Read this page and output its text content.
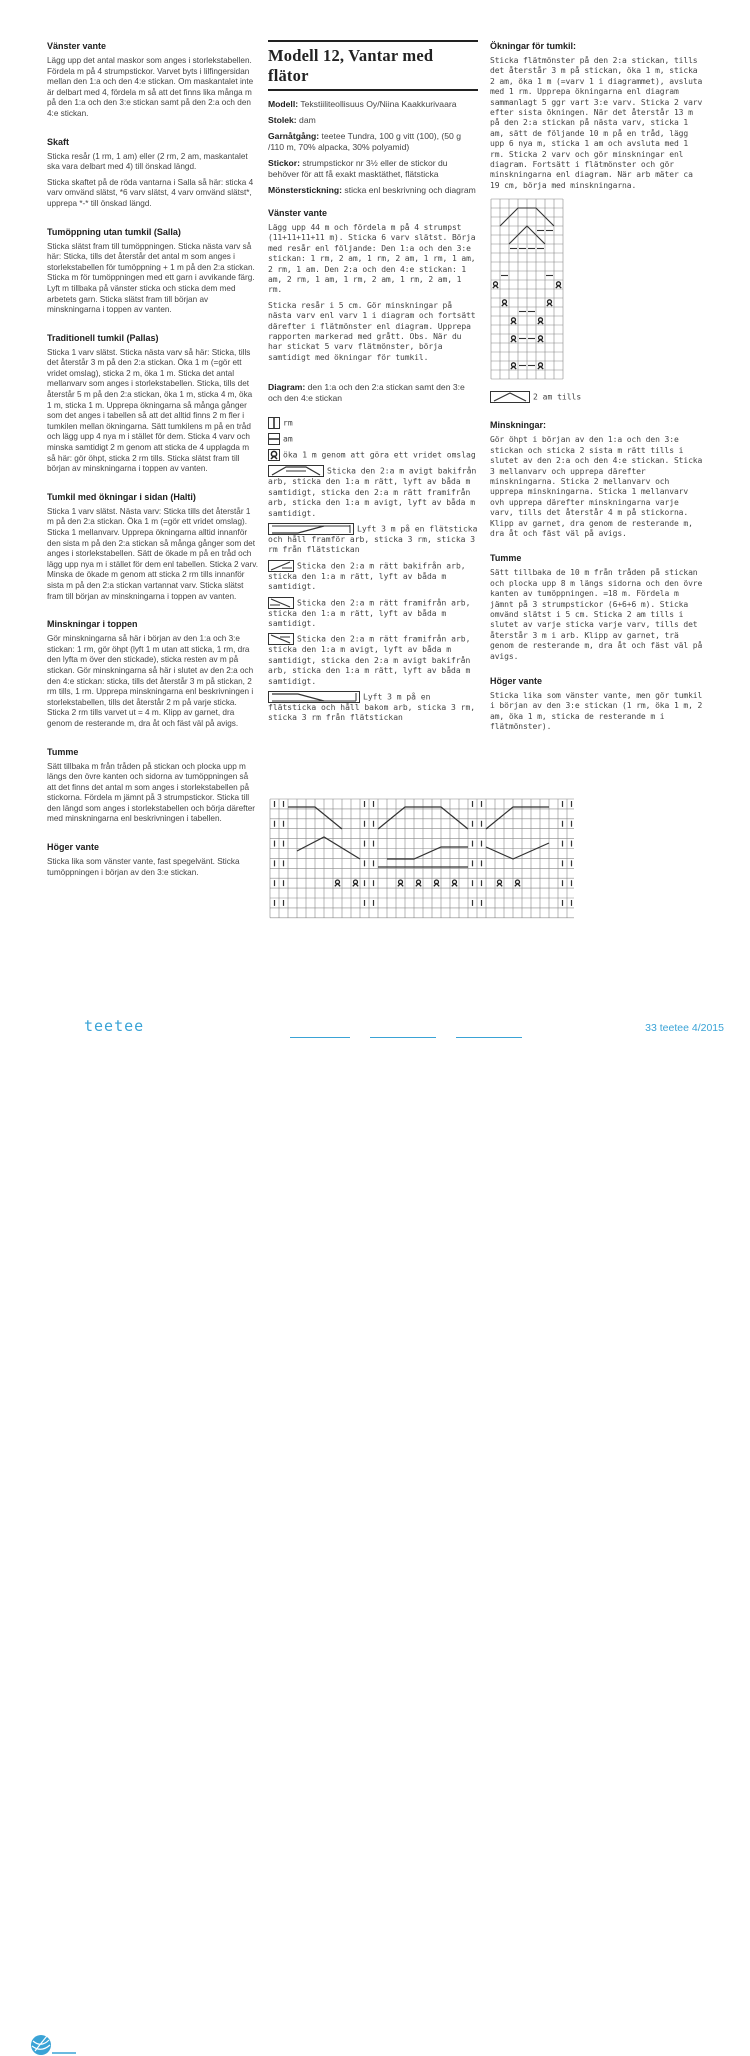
Vänster vante
Lägg upp det antal maskor som anges i storlekstabellen. Fördela m på 4 strumpstickor. Varvet byts i lilfingersidan mellan den 1:a och den 4:e stickan. Om maskantalet inte är delbart med 4, fördela m så att det finns lika många m på den 1:a och den 3:e stickan samt på den 2:a och den 4:e stickan.
Skaft
Sticka resår (1 rm, 1 am) eller (2 rm, 2 am, maskantalet ska vara delbart med 4) till önskad längd.
Sticka skaftet på de röda vantarna i Salla så här: sticka 4 varv omvänd slätst, *6 varv slätst, 4 varv omvänd slätst*, upprepa *-* till önskad längd.
Tumöppning utan tumkil (Salla)
Sticka slätst fram till tumöppningen. Sticka nästa varv så här: Sticka, tills det återstår det antal m som anges i storlekstabellen för tumöppning + 1 m på den 2:a stickan. Sticka m för tumöppningen med ett garn i avvikande färg. Lyft m tillbaka på vänster sticka och sticka dem med arbetets garn. Sticka slätst fram till början av minskningarna i toppen av vanten.
Traditionell tumkil (Pallas)
Sticka 1 varv slätst. Sticka nästa varv så här: Sticka, tills det återstår 3 m på den 2:a stickan. Öka 1 m (=gör ett vridet omslag), sticka 2 m, öka 1 m. Sticka det antal mellanvarv som anges i storlekstabellen. Sticka, tills det återstår 5 m på den 2:a stickan, öka 1 m, sticka 4 m, öka 1 m, sticka 1 m. Upprepa ökningarna så många gånger som det anges i tabellen så att det alltid finns 2 m fler i tumkilen mellan ökningarna. Sätt tumkilens m på en tråd och lägg upp 4 nya m i stället för dem. Sticka 4 varv och minska samtidigt 2 m genom att sticka de 4 upplagda m så här: gör öhpt, sticka 2 rm tills. Sticka slätst fram till början av minskningarna i toppen av vanten.
Tumkil med ökningar i sidan (Halti)
Sticka 1 varv slätst. Nästa varv: Sticka tills det återstår 1 m på den 2:a stickan. Öka 1 m (=gör ett vridet omslag). Sticka 1 mellanvarv. Upprepa ökningarna alltid innanför den sista m på den 2:a stickan så många gånger som det anges i storlekstabellen. Sätt de ökade m på en tråd och lägg upp nya m i stället för dem enl tabellen. Sticka 2 varv. Minska de ökade m genom att sticka 2 rm tills innanför sista m på den 2:a stickan vartannat varv. Sticka slätst fram till början av minskningarna i toppen av vanten.
Minskningar i toppen
Gör minskningarna så här i början av den 1:a och 3:e stickan: 1 rm, gör öhpt (lyft 1 m utan att sticka, 1 rm, dra den lyfta m över den stickade), sticka resten av m på stickan. Gör minskningarna så här i slutet av den 2:a och den 4:e stickan: sticka, tills det återstår 3 m på stickan, 2 rm tills, 1 rm. Upprepa minskningarna enl beskrivningen i storlekstabellen, tills det återstår 2 m på varje sticka. Sticka 2 rm tills varvet ut = 4 m. Klipp av garnet, dra genom de resterande m, dra åt och fäst väl på avigs.
Tumme
Sätt tillbaka m från tråden på stickan och plocka upp m längs den övre kanten och sidorna av tumöppningen så att det finns det antal m som anges i storlekstabellen på stickorna. Fördela m jämnt på 3 strumpstickor. Sticka till den längd som anges i storlekstabellen och börja därefter med minskningarna enl beskrivningen i tabellen.
Höger vante
Sticka lika som vänster vante, fast spegelvänt. Sticka tumöppningen i början av den 3:e stickan.
Modell 12, Vantar med flätor
Modell: Tekstiiliteollisuus Oy/Niina Kaakkurivaara
Stolek: dam
Garnåtgång: teetee Tundra, 100 g vitt (100), (50 g /110 m, 70% alpacka, 30% polyamid)
Stickor: strumpstickor nr 3½ eller de stickor du behöver för att få exakt masktäthet, flätsticka
Mönsterstickning: sticka enl beskrivning och diagram
Vänster vante
Lägg upp 44 m och fördela m på 4 strumpst (11+11+11+11 m). Sticka 6 varv slätst. Börja med resår enl följande: Den 1:a och den 3:e stickan: 1 rm, 2 am, 1 rm, 2 am, 1 rm, 1 am, 2 rm, 1 am. Den 2:a och den 4:e stickan: 1 am, 2 rm, 1 am, 1 rm, 2 am, 1 rm, 2 am, 1 rm.
Sticka resår i 5 cm. Gör minskningar på nästa varv enl varv 1 i diagram och fortsätt därefter i flätmönster enl diagram. Upprepa rapporten markerad med grått. Obs. När du har stickat 5 varv flätmönster, börja samtidigt med ökningar för tumkil.
Diagram: den 1:a och den 2:a stickan samt den 3:e och den 4:e stickan
rm
am
öka 1 m genom att göra ett vridet omslag
Sticka den 2:a m avigt bakifrån arb, sticka den 1:a m rätt, lyft av båda m samtidigt, sticka den 2:a m rätt framifrån arb, sticka den 1:a m avigt, lyft av båda m samtidigt.
Lyft 3 m på en flätsticka och håll framför arb, sticka 3 rm, sticka 3 rm från flätstickan
Sticka den 2:a m rätt bakifrån arb, sticka den 1:a m rätt, lyft av båda m samtidigt.
Sticka den 2:a m rätt framifrån arb, sticka den 1:a m rätt, lyft av båda m samtidigt.
Sticka den 2:a m rätt framifrån arb, sticka den 1:a m avigt, lyft av båda m samtidigt, sticka den 2:a m avigt bakifrån arb, sticka den 1:a m rätt, lyft av båda m samtidigt.
Lyft 3 m på en flätsticka och håll bakom arb, sticka 3 rm, sticka 3 rm från flätstickan
Ökningar för tumkil:
Sticka flätmönster på den 2:a stickan, tills det återstår 3 m på stickan, öka 1 m, sticka 2 am, öka 1 m (=varv 1 i diagrammet), avsluta med 1 rm. Upprepa ökningarna enl diagram sammanlagt 5 ggr vart 3:e varv. Sticka 2 varv efter sista ökningen. När det återstår 13 m på den 2:a stickan på nästa varv, sticka 1 am, sätt de följande 10 m på en tråd, lägg upp 6 nya m, sticka 1 am och avsluta med 1 rm. Sticka 2 varv och gör minskningar enl diagram. Fortsätt i flätmönster och gör minskningarna enl diagram. När arb mäter ca 19 cm, börja med minskningarna.
2 am tills
Minskningar:
Gör öhpt i början av den 1:a och den 3:e stickan och sticka 2 sista m rätt tills i slutet av den 2:a och den 4:e stickan. Sticka 3 mellanvarv och upprepa därefter minskningarna. Sticka 2 mellanvarv och upprepa minskningarna. Sticka 1 mellanvarv ovh upprepa därefter minskningarna varje varv, tills det återstår 4 m på stickorna. Klipp av garnet, dra genom de resterande m, dra åt och fäst väl på avigs.
Tumme
Sätt tillbaka de 10 m från tråden på stickan och plocka upp 8 m längs sidorna och den övre kanten av tumöppningen. =18 m. Fördela m jämnt på 3 strumpstickor (6+6+6 m). Sticka omvänd slätst i 5 cm. Sticka 2 am tills i slutet av varje sticka varje varv, tills det återstår 3 m i arb. Klipp av garnet, trä genom de resterande m, dra åt och fäst väl på avigs.
Höger vante
Sticka lika som vänster vante, men gör tumkil i början av den 3:e stickan (1 rm, öka 1 m, 2 am, öka 1 m, sticka de resterande m i flätmönster).
teetee	33 teetee 4/2015
